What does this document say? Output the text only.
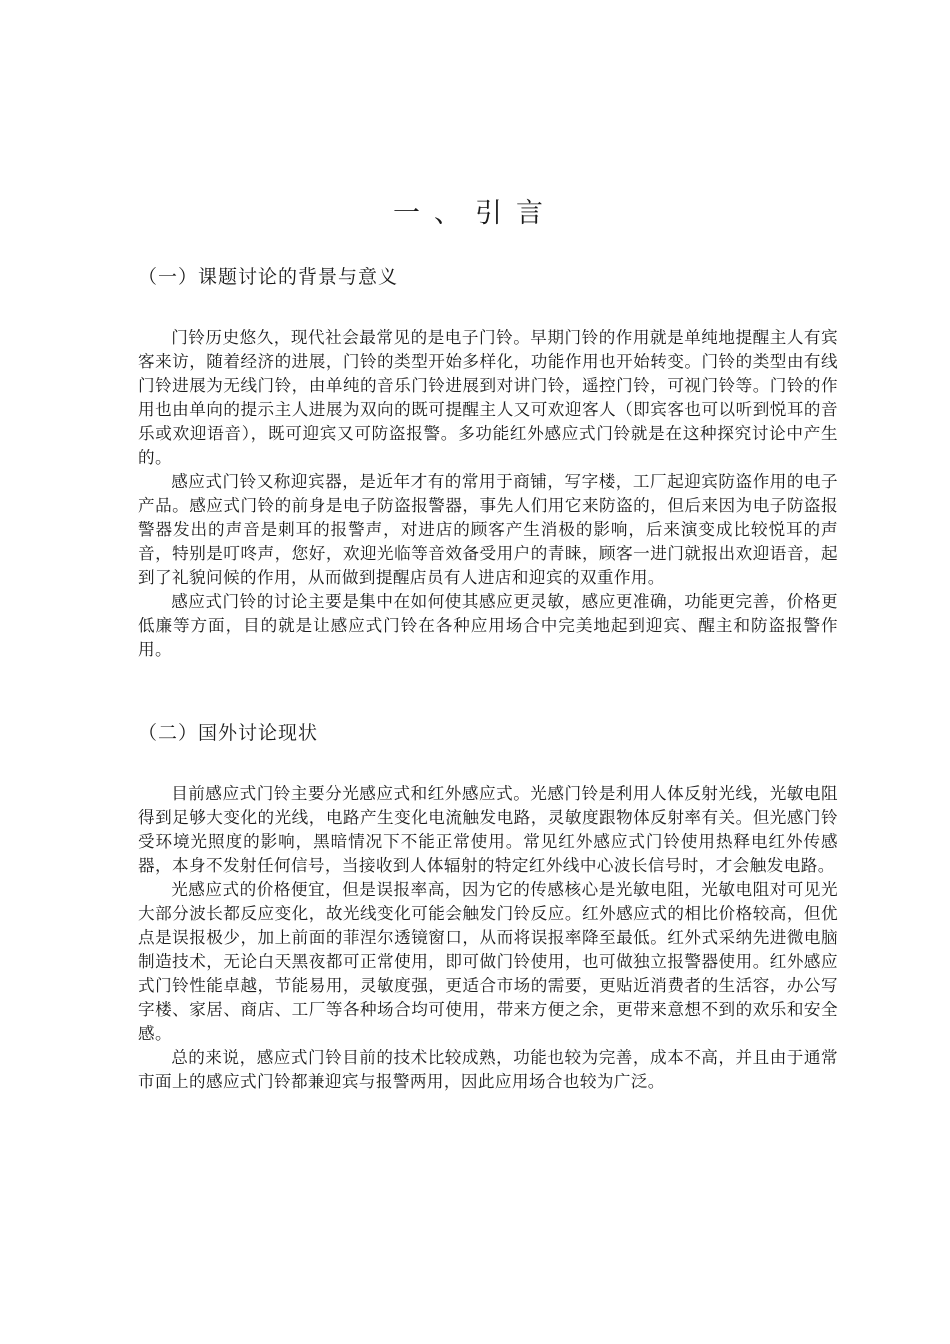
一、引言
（一）课题讨论的背景与意义

门铃历史悠久，现代社会最常见的是电子门铃。早期门铃的作用就是单纯地提醒主人有宾客来访，随着经济的进展，门铃的类型开始多样化，功能作用也开始转变。门铃的类型由有线门铃进展为无线门铃，由单纯的音乐门铃进展到对讲门铃，遥控门铃，可视门铃等。门铃的作用也由单向的提示主人进展为双向的既可提醒主人又可欢迎客人（即宾客也可以听到悦耳的音乐或欢迎语音），既可迎宾又可防盗报警。多功能红外感应式门铃就是在这种探究讨论中产生的。

感应式门铃又称迎宾器，是近年才有的常用于商铺，写字楼，工厂起迎宾防盗作用的电子产品。感应式门铃的前身是电子防盗报警器，事先人们用它来防盗的，但后来因为电子防盗报警器发出的声音是刺耳的报警声，对进店的顾客产生消极的影响，后来演变成比较悦耳的声音，特别是叮咚声，您好，欢迎光临等音效备受用户的青睐，顾客一进门就报出欢迎语音，起到了礼貌问候的作用，从而做到提醒店员有人进店和迎宾的双重作用。

感应式门铃的讨论主要是集中在如何使其感应更灵敏，感应更准确，功能更完善，价格更低廉等方面，目的就是让感应式门铃在各种应用场合中完美地起到迎宾、醒主和防盗报警作用。

（二）国外讨论现状

目前感应式门铃主要分光感应式和红外感应式。光感门铃是利用人体反射光线，光敏电阻得到足够大变化的光线，电路产生变化电流触发电路，灵敏度跟物体反射率有关。但光感门铃受环境光照度的影响，黑暗情况下不能正常使用。常见红外感应式门铃使用热释电红外传感器，本身不发射任何信号，当接收到人体辐射的特定红外线中心波长信号时，才会触发电路。

光感应式的价格便宜，但是误报率高，因为它的传感核心是光敏电阻，光敏电阻对可见光大部分波长都反应变化，故光线变化可能会触发门铃反应。红外感应式的相比价格较高，但优点是误报极少，加上前面的菲涅尔透镜窗口，从而将误报率降至最低。红外式采纳先进微电脑制造技术，无论白天黑夜都可正常使用，即可做门铃使用，也可做独立报警器使用。红外感应式门铃性能卓越，节能易用，灵敏度强，更适合市场的需要，更贴近消费者的生活容，办公写字楼、家居、商店、工厂等各种场合均可使用，带来方便之余，更带来意想不到的欢乐和安全感。

总的来说，感应式门铃目前的技术比较成熟，功能也较为完善，成本不高，并且由于通常市面上的感应式门铃都兼迎宾与报警两用，因此应用场合也较为广泛。
